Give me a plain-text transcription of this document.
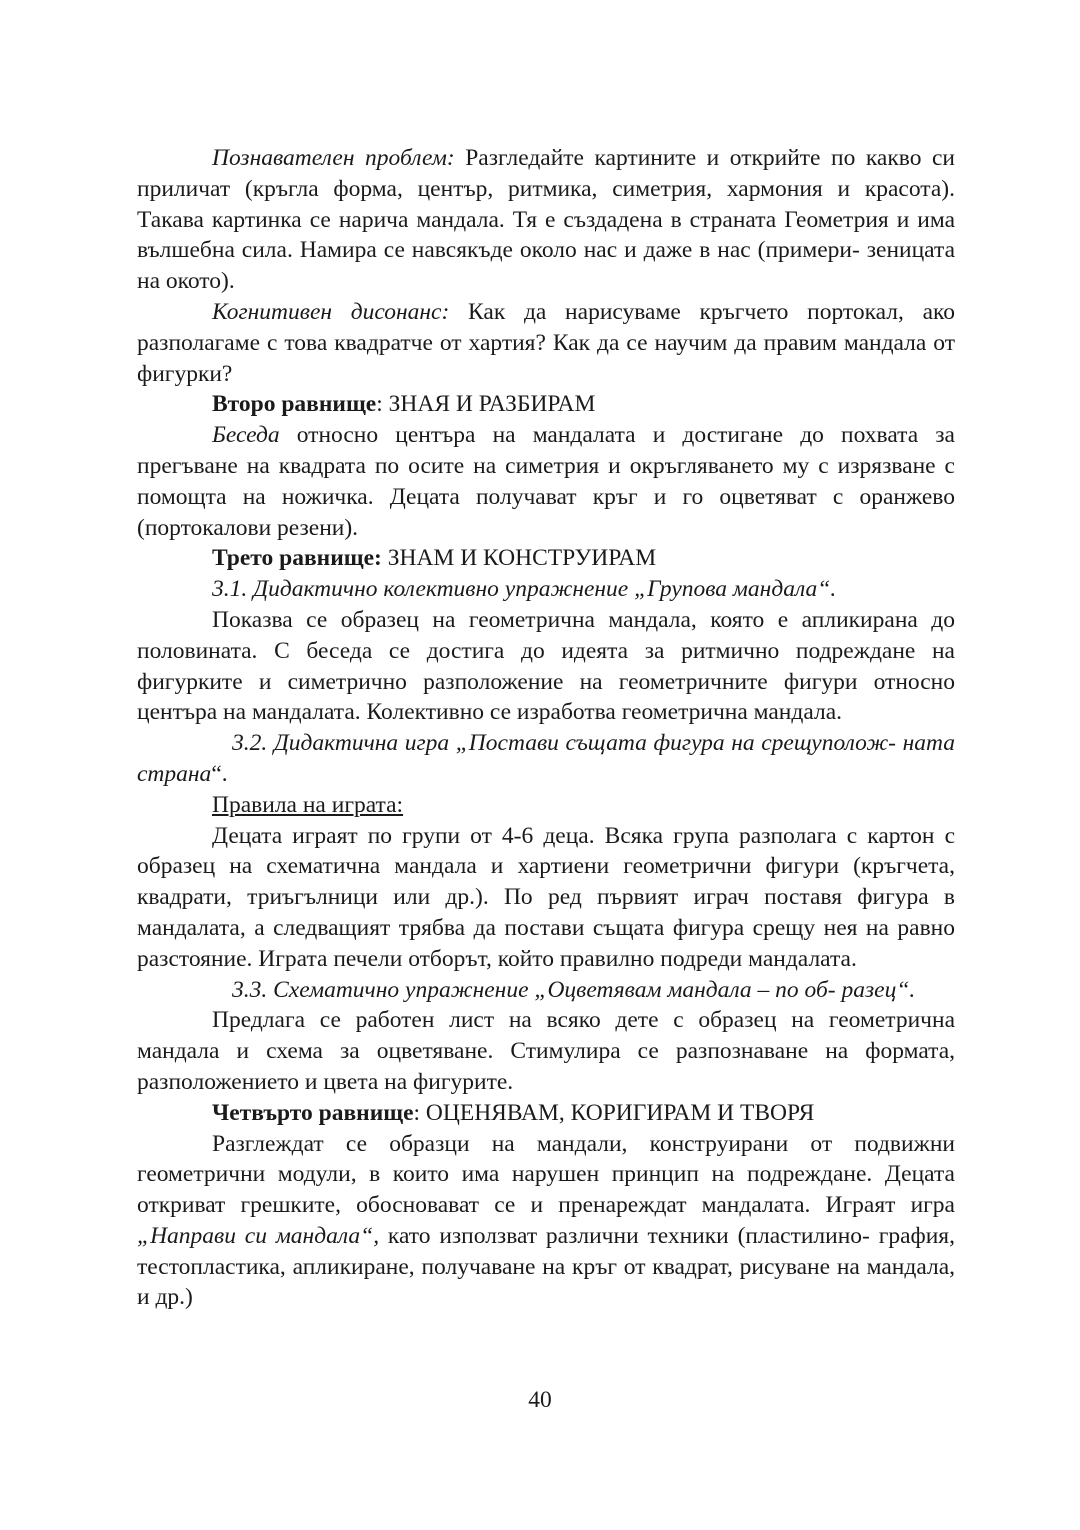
Познавателен проблем: Разгледайте картините и открийте по какво си приличат (кръгла форма, център, ритмика, симетрия, хармония и красота). Такава картинка се нарича мандала. Тя е създадена в страната Геометрия и има вълшебна сила. Намира се навсякъде около нас и даже в нас (примери- зеницата на окото).

Когнитивен дисонанс: Как да нарисуваме кръгчето портокал, ако разполагаме с това квадратче от хартия? Как да се научим да правим мандала от фигурки?

Второ равнище: ЗНАЯ И РАЗБИРАМ

Беседа относно центъра на мандалата и достигане до похвата за прегъване на квадрата по осите на симетрия и окръгляването му с изрязване с помощта на ножичка. Децата получават кръг и го оцветяват с оранжево (портокалови резени).

Трето равнище: ЗНАМ И КОНСТРУИРАМ

3.1. Дидактично колективно упражнение „Групова мандала“.

Показва се образец на геометрична мандала, която е апликирана до половината. С беседа се достига до идеята за ритмично подреждане на фигурките и симетрично разположение на геометричните фигури относно центъра на мандалата. Колективно се изработва геометрична мандала.

3.2. Дидактична игра „Постави същата фигура на срещуполож- ната страна“.

Правила на играта:

Децата играят по групи от 4-6 деца. Всяка група разполага с картон с образец на схематична мандала и хартиени геометрични фигури (кръгчета, квадрати, триъгълници или др.). По ред първият играч поставя фигура в мандалата, а следващият трябва да постави същата фигура срещу нея на равно разстояние. Играта печели отборът, който правилно подреди мандалата.

3.3. Схематично упражнение „Оцветявам мандала – по об- разец“.

Предлага се работен лист на всяко дете с образец на геометрична мандала и схема за оцветяване. Стимулира се разпознаване на формата, разположението и цвета на фигурите.

Четвърто равнище: ОЦЕНЯВАМ, КОРИГИРАМ И ТВОРЯ

Разглеждат се образци на мандали, конструирани от подвижни геометрични модули, в които има нарушен принцип на подреждане. Децата откриват грешките, обосновават се и пренареждат мандалата. Играят игра „Направи си мандала“, като използват различни техники (пластилино- графия, тестопластика, апликиране, получаване на кръг от квадрат, рисуване на мандала, и др.)

40
